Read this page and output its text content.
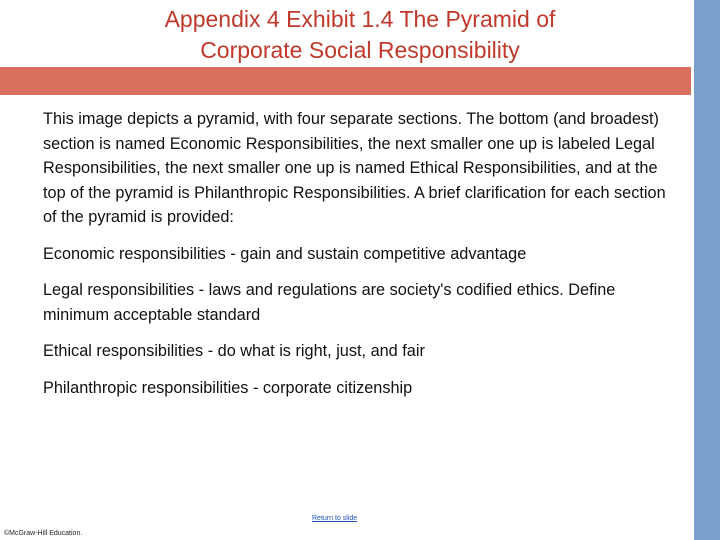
Appendix 4 Exhibit 1.4 The Pyramid of
Corporate Social Responsibility

This image depicts a pyramid, with four separate sections. The bottom (and broadest) section is named Economic Responsibilities, the next smaller one up is labeled Legal Responsibilities, the next smaller one up is named Ethical Responsibilities, and at the top of the pyramid is Philanthropic Responsibilities. A brief clarification for each section of the pyramid is provided:

Economic responsibilities - gain and sustain competitive advantage

Legal responsibilities - laws and regulations are society's codified ethics. Define minimum acceptable standard

Ethical responsibilities - do what is right, just, and fair

Philanthropic responsibilities - corporate citizenship

Return to slide
©McGraw-Hill Education.
